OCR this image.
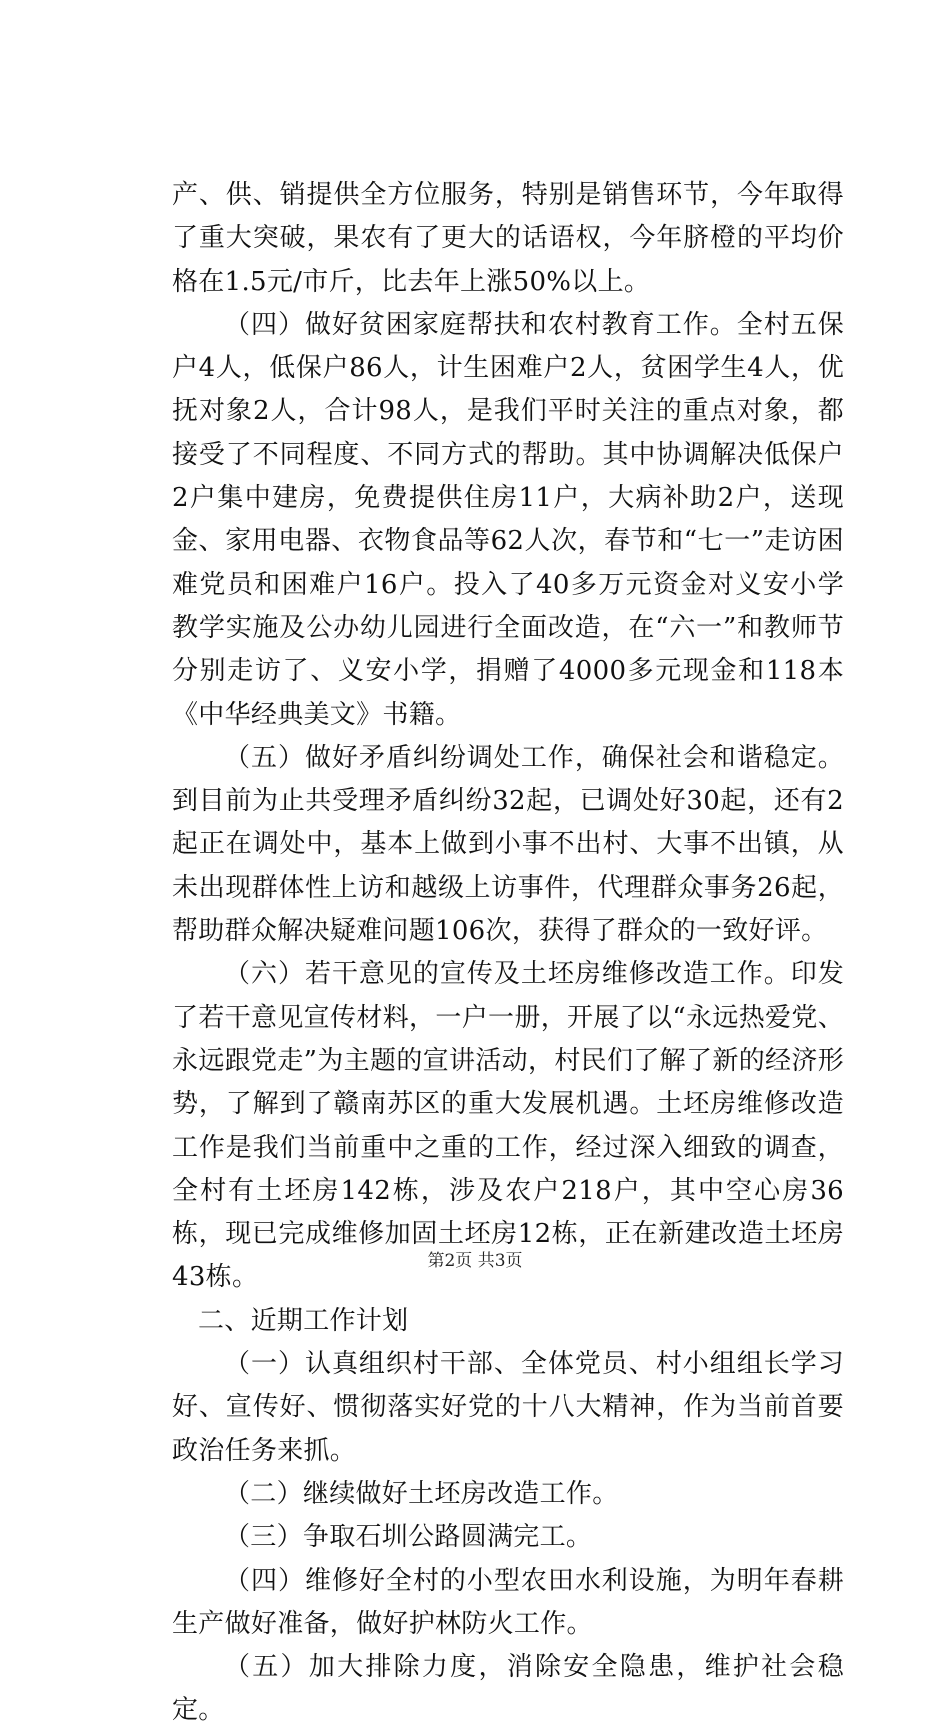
产、供、销提供全方位服务，特别是销售环节，今年取得了重大突破，果农有了更大的话语权，今年脐橙的平均价格在1.5元/市斤，比去年上涨50%以上。

（四）做好贫困家庭帮扶和农村教育工作。全村五保户4人，低保户86人，计生困难户2人，贫困学生4人，优抚对象2人，合计98人，是我们平时关注的重点对象，都接受了不同程度、不同方式的帮助。其中协调解决低保户2户集中建房，免费提供住房11户，大病补助2户，送现金、家用电器、衣物食品等62人次，春节和“七一”走访困难党员和困难户16户。投入了40多万元资金对义安小学教学实施及公办幼儿园进行全面改造，在“六一”和教师节分别走访了、义安小学，捐赠了4000多元现金和118本《中华经典美文》书籍。

（五）做好矛盾纠纷调处工作，确保社会和谐稳定。到目前为止共受理矛盾纠纷32起，已调处好30起，还有2起正在调处中，基本上做到小事不出村、大事不出镇，从未出现群体性上访和越级上访事件，代理群众事务26起，帮助群众解决疑难问题106次，获得了群众的一致好评。

（六）若干意见的宣传及土坯房维修改造工作。印发了若干意见宣传材料，一户一册，开展了以“永远热爱党、永远跟党走”为主题的宣讲活动，村民们了解了新的经济形势，了解到了赣南苏区的重大发展机遇。土坯房维修改造工作是我们当前重中之重的工作，经过深入细致的调查，全村有土坯房142栋，涉及农户218户，其中空心房36栋，现已完成维修加固土坯房12栋，正在新建改造土坯房43栋。

二、近期工作计划

（一）认真组织村干部、全体党员、村小组组长学习好、宣传好、惯彻落实好党的十八大精神，作为当前首要政治任务来抓。

（二）继续做好土坯房改造工作。

（三）争取石圳公路圆满完工。

（四）维修好全村的小型农田水利设施，为明年春耕生产做好准备，做好护林防火工作。

（五）加大排除力度，消除安全隐患，维护社会稳定。

第2页 共3页
